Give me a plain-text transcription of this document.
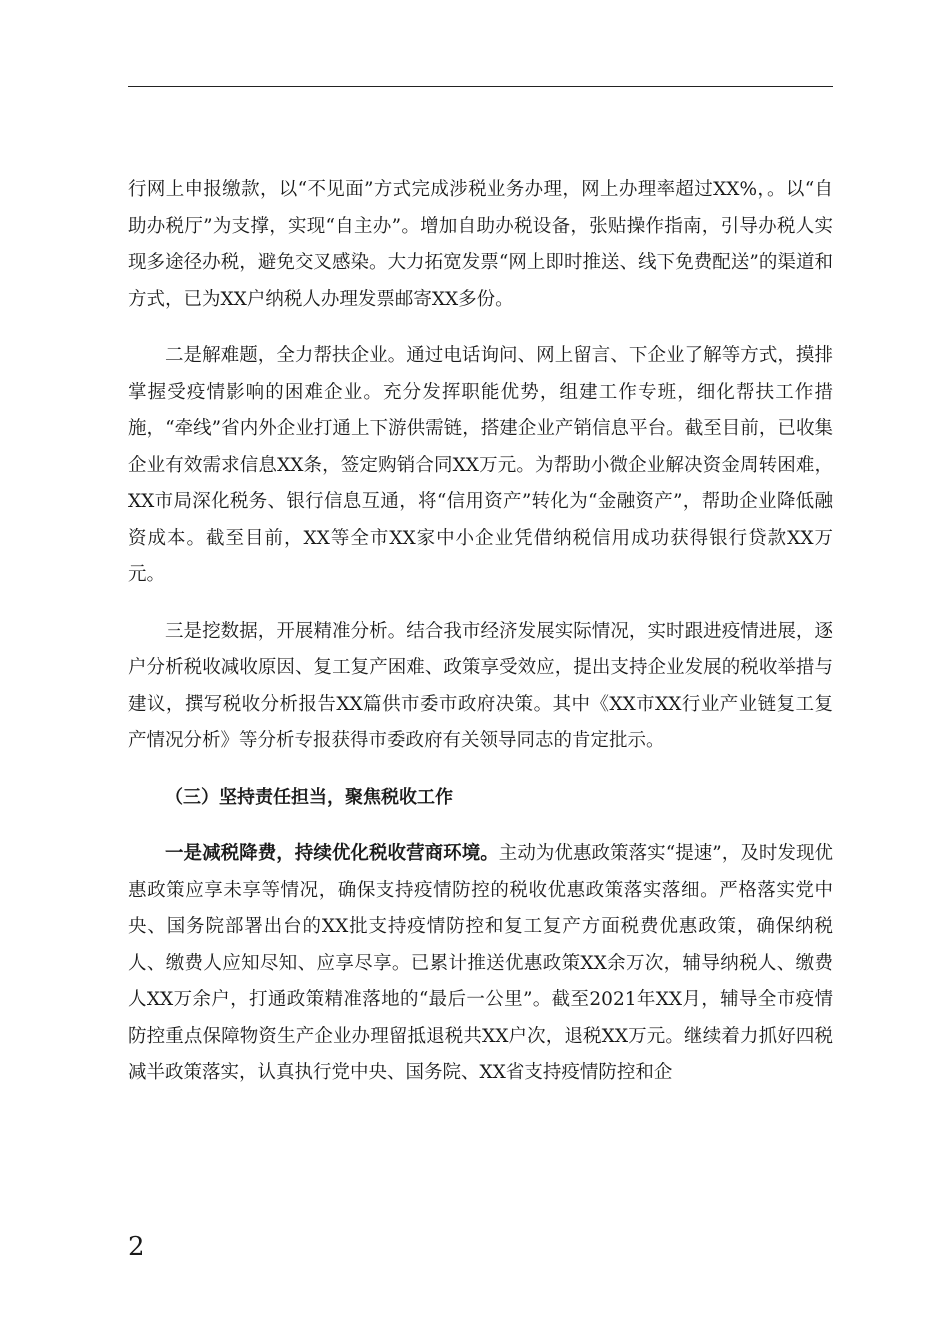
行网上申报缴款，以“不见面”方式完成涉税业务办理，网上办理率超过XX%，。以“自助办税厅”为支撑，实现“自主办”。增加自助办税设备，张贴操作指南，引导办税人实现多途径办税，避免交叉感染。大力拓宽发票“网上即时推送、线下免费配送”的渠道和方式，已为XX户纳税人办理发票邮寄XX多份。

二是解难题，全力帮扶企业。通过电话询问、网上留言、下企业了解等方式，摸排掌握受疫情影响的困难企业。充分发挥职能优势，组建工作专班，细化帮扶工作措施，“牵线”省内外企业打通上下游供需链，搭建企业产销信息平台。截至目前，已收集企业有效需求信息XX条，签定购销合同XX万元。为帮助小微企业解决资金周转困难，XX市局深化税务、银行信息互通，将“信用资产”转化为“金融资产”，帮助企业降低融资成本。截至目前，XX等全市XX家中小企业凭借纳税信用成功获得银行贷款XX万元。

三是挖数据，开展精准分析。结合我市经济发展实际情况，实时跟进疫情进展，逐户分析税收减收原因、复工复产困难、政策享受效应，提出支持企业发展的税收举措与建议，撰写税收分析报告XX篇供市委市政府决策。其中《XX市XX行业产业链复工复产情况分析》等分析专报获得市委政府有关领导同志的肯定批示。

（三）坚持责任担当，聚焦税收工作

一是减税降费，持续优化税收营商环境。主动为优惠政策落实“提速”，及时发现优惠政策应享未享等情况，确保支持疫情防控的税收优惠政策落实落细。严格落实党中央、国务院部署出台的XX批支持疫情防控和复工复产方面税费优惠政策，确保纳税人、缴费人应知尽知、应享尽享。已累计推送优惠政策XX余万次，辅导纳税人、缴费人XX万余户，打通政策精准落地的“最后一公里”。截至2021年XX月，辅导全市疫情防控重点保障物资生产企业办理留抵退税共XX户次，退税XX万元。继续着力抓好四税减半政策落实，认真执行党中央、国务院、XX省支持疫情防控和企

2
